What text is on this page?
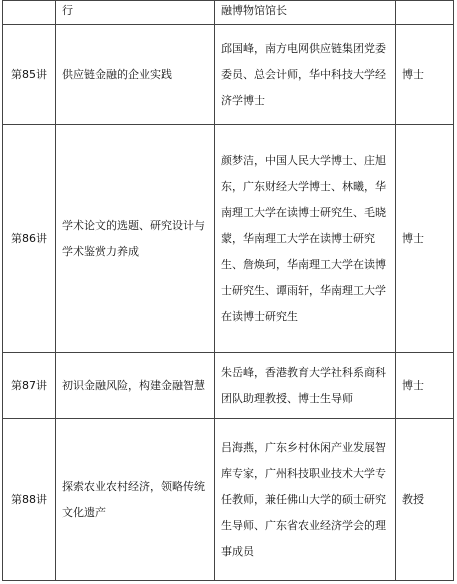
	行	融博物馆馆长	
第85讲	供应链金融的企业实践	邱国峰，南方电网供应链集团党委委员、总会计师，华中科技大学经济学博士	博士
第86讲	学术论文的选题、研究设计与学术鉴赏力养成	颜梦洁，中国人民大学博士、庄旭东，广东财经大学博士、林曦，华南理工大学在读博士研究生、毛晓蒙，华南理工大学在读博士研究生、詹焕珂，华南理工大学在读博士研究生、谭雨轩，华南理工大学在读博士研究生	博士
第87讲	初识金融风险，构建金融智慧	朱岳峰，香港教育大学社科系商科团队助理教授、博士生导师	博士
第88讲	探索农业农村经济，领略传统文化遗产	吕海燕，广东乡村休闲产业发展智库专家，广州科技职业技术大学专任教师，兼任佛山大学的硕士研究生导师、广东省农业经济学会的理事成员	教授
